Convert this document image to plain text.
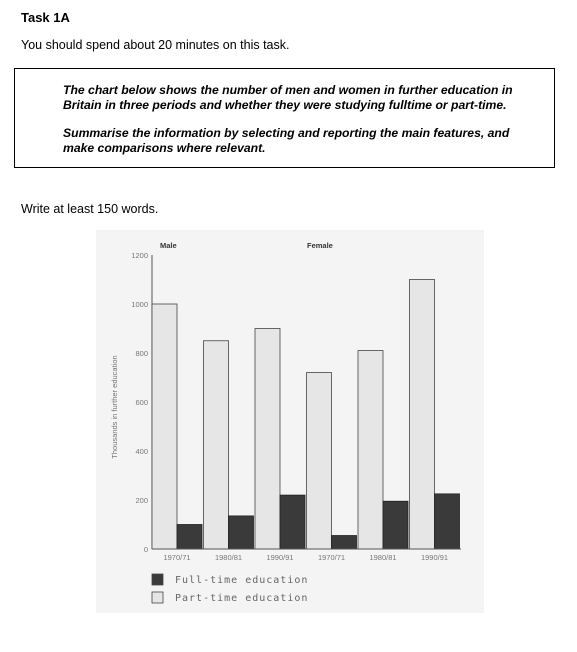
Task 1A
You should spend about 20 minutes on this task.

The chart below shows the number of men and women in further education in Britain in three periods and whether they were studying fulltime or part-time.

Summarise the information by selecting and reporting the main features, and make comparisons where relevant.

Write at least 150 words.
0
200
400
600
800
1000
1200
Thousands in further education
1970/71	1980/81	1990/91	1970/71	1980/81	1990/91
Male	Female
Full-time education
Part-time education
